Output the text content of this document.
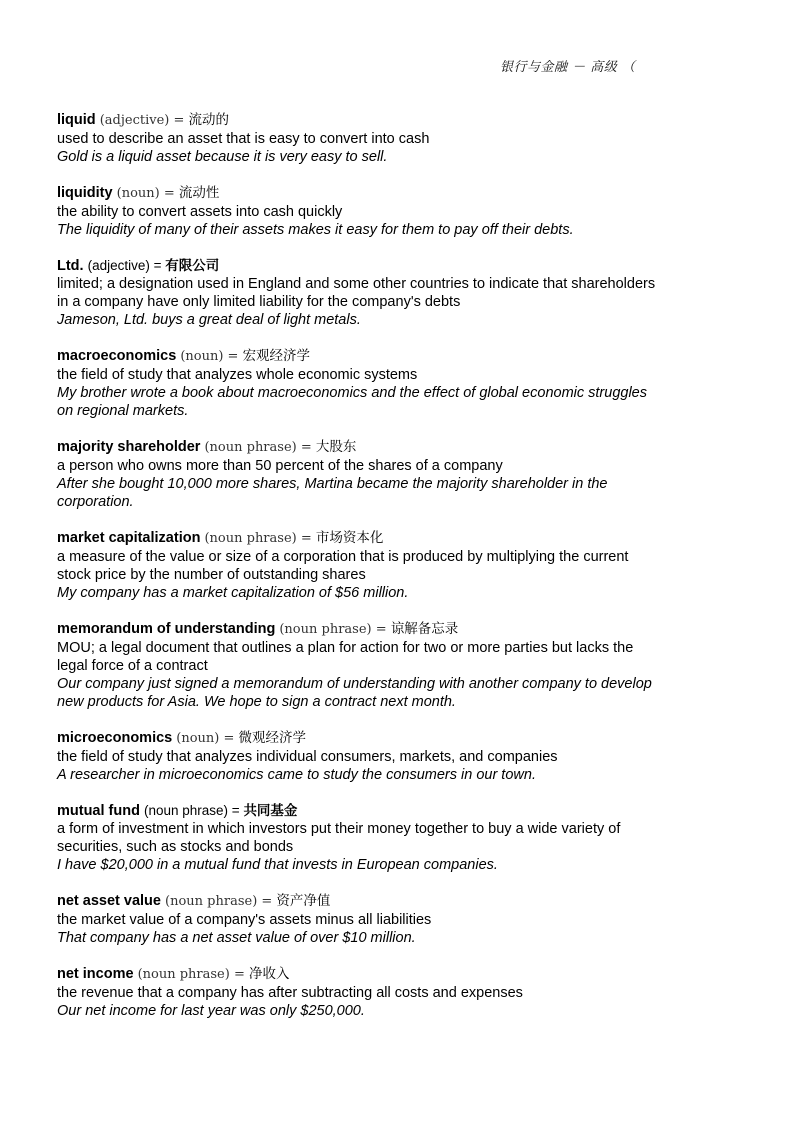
银行与金融 － 高级 （
liquid (adjective) = 流动的
used to describe an asset that is easy to convert into cash
Gold is a liquid asset because it is very easy to sell.
liquidity (noun) = 流动性
the ability to convert assets into cash quickly
The liquidity of many of their assets makes it easy for them to pay off their debts.
Ltd. (adjective) = 有限公司
limited; a designation used in England and some other countries to indicate that shareholders in a company have only limited liability for the company's debts
Jameson, Ltd. buys a great deal of light metals.
macroeconomics (noun) = 宏观经济学
the field of study that analyzes whole economic systems
My brother wrote a book about macroeconomics and the effect of global economic struggles on regional markets.
majority shareholder (noun phrase) = 大股东
a person who owns more than 50 percent of the shares of a company
After she bought 10,000 more shares, Martina became the majority shareholder in the corporation.
market capitalization (noun phrase) = 市场资本化
a measure of the value or size of a corporation that is produced by multiplying the current stock price by the number of outstanding shares
My company has a market capitalization of $56 million.
memorandum of understanding (noun phrase) = 谅解备忘录
MOU; a legal document that outlines a plan for action for two or more parties but lacks the legal force of a contract
Our company just signed a memorandum of understanding with another company to develop new products for Asia. We hope to sign a contract next month.
microeconomics (noun) = 微观经济学
the field of study that analyzes individual consumers, markets, and companies
A researcher in microeconomics came to study the consumers in our town.
mutual fund (noun phrase) = 共同基金
a form of investment in which investors put their money together to buy a wide variety of securities, such as stocks and bonds
I have $20,000 in a mutual fund that invests in European companies.
net asset value (noun phrase) = 资产净值
the market value of a company's assets minus all liabilities
That company has a net asset value of over $10 million.
net income (noun phrase) = 净收入
the revenue that a company has after subtracting all costs and expenses
Our net income for last year was only $250,000.
